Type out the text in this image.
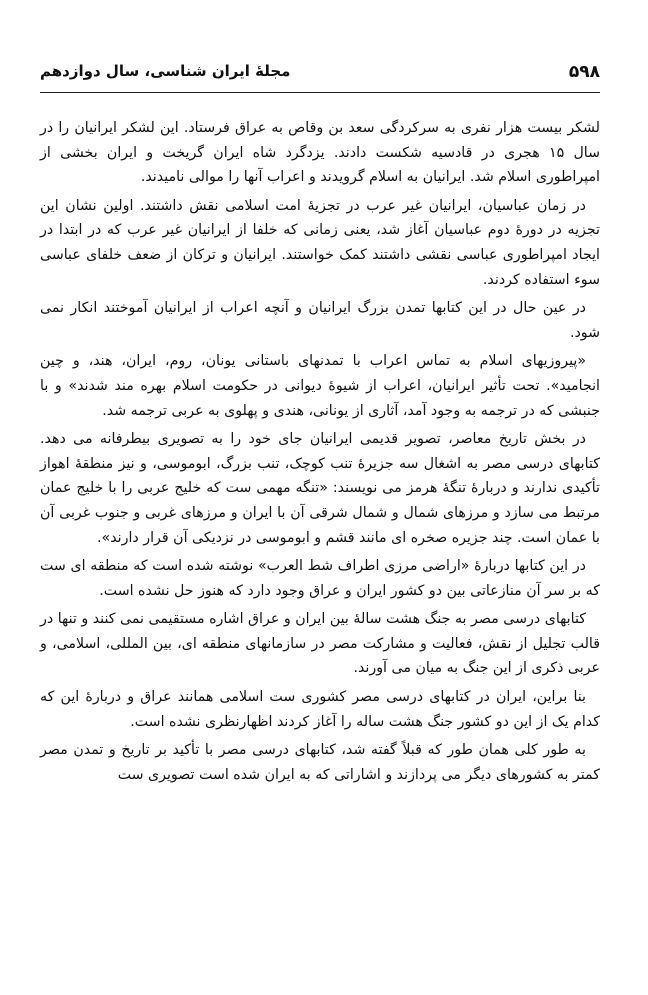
۵۹۸
مجلهٔ ایران شناسی، سال دوازدهم

لشکر بیست هزار نفری به سرکردگی سعد بن وقاص به عراق فرستاد. این لشکر ایرانیان را در سال ۱۵ هجری در قادسیه شکست دادند. یزدگرد شاه ایران گریخت و ایران بخشی از امپراطوری اسلام شد. ایرانیان به اسلام گرویدند و اعراب آنها را موالی نامیدند.

در زمان عباسیان، ایرانیان غیر عرب در تجزیهٔ امت اسلامی نقش داشتند. اولین نشان این تجزیه در دورهٔ دوم عباسیان آغاز شد، یعنی زمانی که خلفا از ایرانیان غیر عرب که در ابتدا در ایجاد امپراطوری عباسی نقشی داشتند کمک خواستند. ایرانیان و ترکان از ضعف خلفای عباسی سوء استفاده کردند.

در عین حال در این کتابها تمدن بزرگ ایرانیان و آنچه اعراب از ایرانیان آموختند انکار نمی شود.

«پیروزیهای اسلام به تماس اعراب با تمدنهای باستانی یونان، روم، ایران، هند، و چین انجامید». تحت تأثیر ایرانیان، اعراب از شیوهٔ دیوانی در حکومت اسلام بهره مند شدند» و با جنبشی که در ترجمه به وجود آمد، آثاری از یونانی، هندی و پهلوی به عربی ترجمه شد.

در بخش تاریخ معاصر، تصویر قدیمی ایرانیان جای خود را به تصویری بیطرفانه می دهد. کتابهای درسی مصر به اشغال سه جزیرهٔ تنب کوچک، تنب بزرگ، ابوموسی، و نیز منطقهٔ اهواز تأکیدی ندارند و دربارهٔ تنگهٔ هرمز می نویسند: «تنگه مهمی ست که خلیج عربی را با خلیج عمان مرتبط می سازد و مرزهای شمال و شمال شرقی آن با ایران و مرزهای غربی و جنوب غربی آن با عمان است. چند جزیره صخره ای مانند قشم و ابوموسی در نزدیکی آن قرار دارند».

در این کتابها دربارهٔ «اراضی مرزی اطراف شط العرب» نوشته شده است که منطقه ای ست که بر سر آن منازعاتی بین دو کشور ایران و عراق وجود دارد که هنوز حل نشده است.

کتابهای درسی مصر به جنگ هشت سالهٔ بین ایران و عراق اشاره مستقیمی نمی کنند و تنها در قالب تجلیل از نقش، فعالیت و مشارکت مصر در سازمانهای منطقه ای، بین المللی، اسلامی، و عربی ذکری از این جنگ به میان می آورند.

بنا براین، ایران در کتابهای درسی مصر کشوری ست اسلامی همانند عراق و دربارهٔ این که کدام یک از این دو کشور جنگ هشت ساله را آغاز کردند اظهارنظری نشده است.

به طور کلی همان طور که قبلاً گفته شد، کتابهای درسی مصر با تأکید بر تاریخ و تمدن مصر کمتر به کشورهای دیگر می پردازند و اشاراتی که به ایران شده است تصویری ست
